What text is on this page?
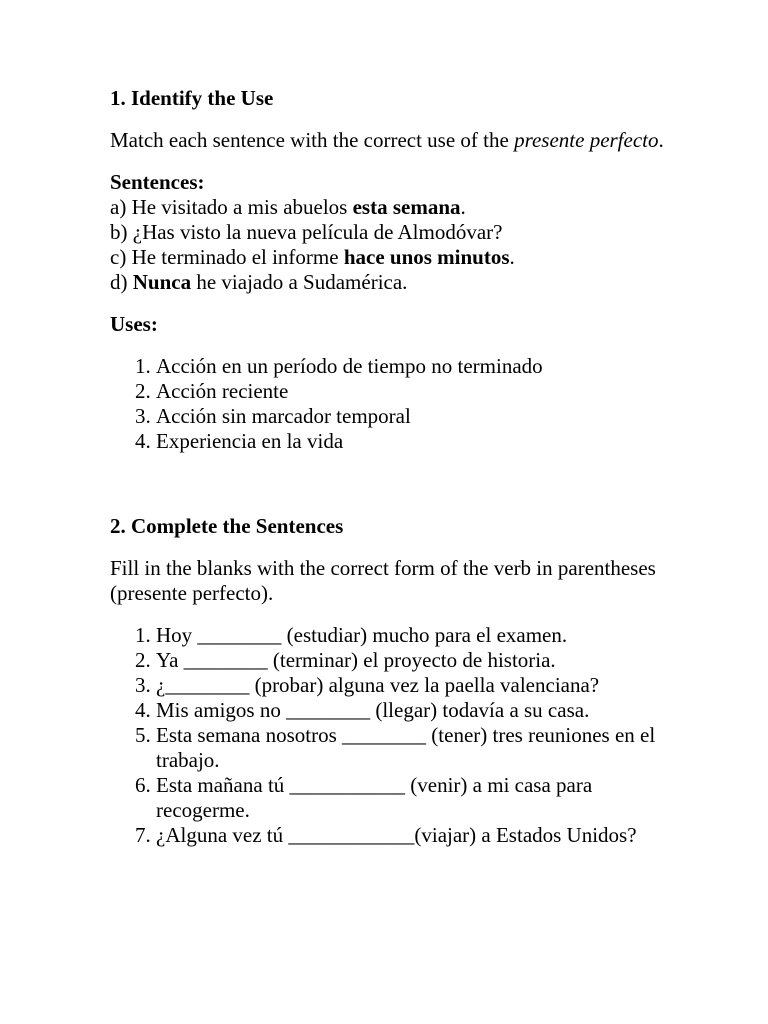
1. Identify the Use

Match each sentence with the correct use of the presente perfecto.

Sentences:

a) He visitado a mis abuelos esta semana.

b) ¿Has visto la nueva película de Almodóvar?

c) He terminado el informe hace unos minutos.

d) Nunca he viajado a Sudamérica.

Uses:
1. Acción en un período de tiempo no terminado
2. Acción reciente
3. Acción sin marcador temporal
4. Experiencia en la vida
2. Complete the Sentences

Fill in the blanks with the correct form of the verb in parentheses (presente perfecto).

1. Hoy ________ (estudiar) mucho para el examen.
2. Ya ________ (terminar) el proyecto de historia.
3. ¿________ (probar) alguna vez la paella valenciana?
4. Mis amigos no ________ (llegar) todavía a su casa.
5. Esta semana nosotros ________ (tener) tres reuniones en el trabajo.
6. Esta mañana tú ___________ (venir) a mi casa para recogerme.
7. ¿Alguna vez tú ____________(viajar) a Estados Unidos?
